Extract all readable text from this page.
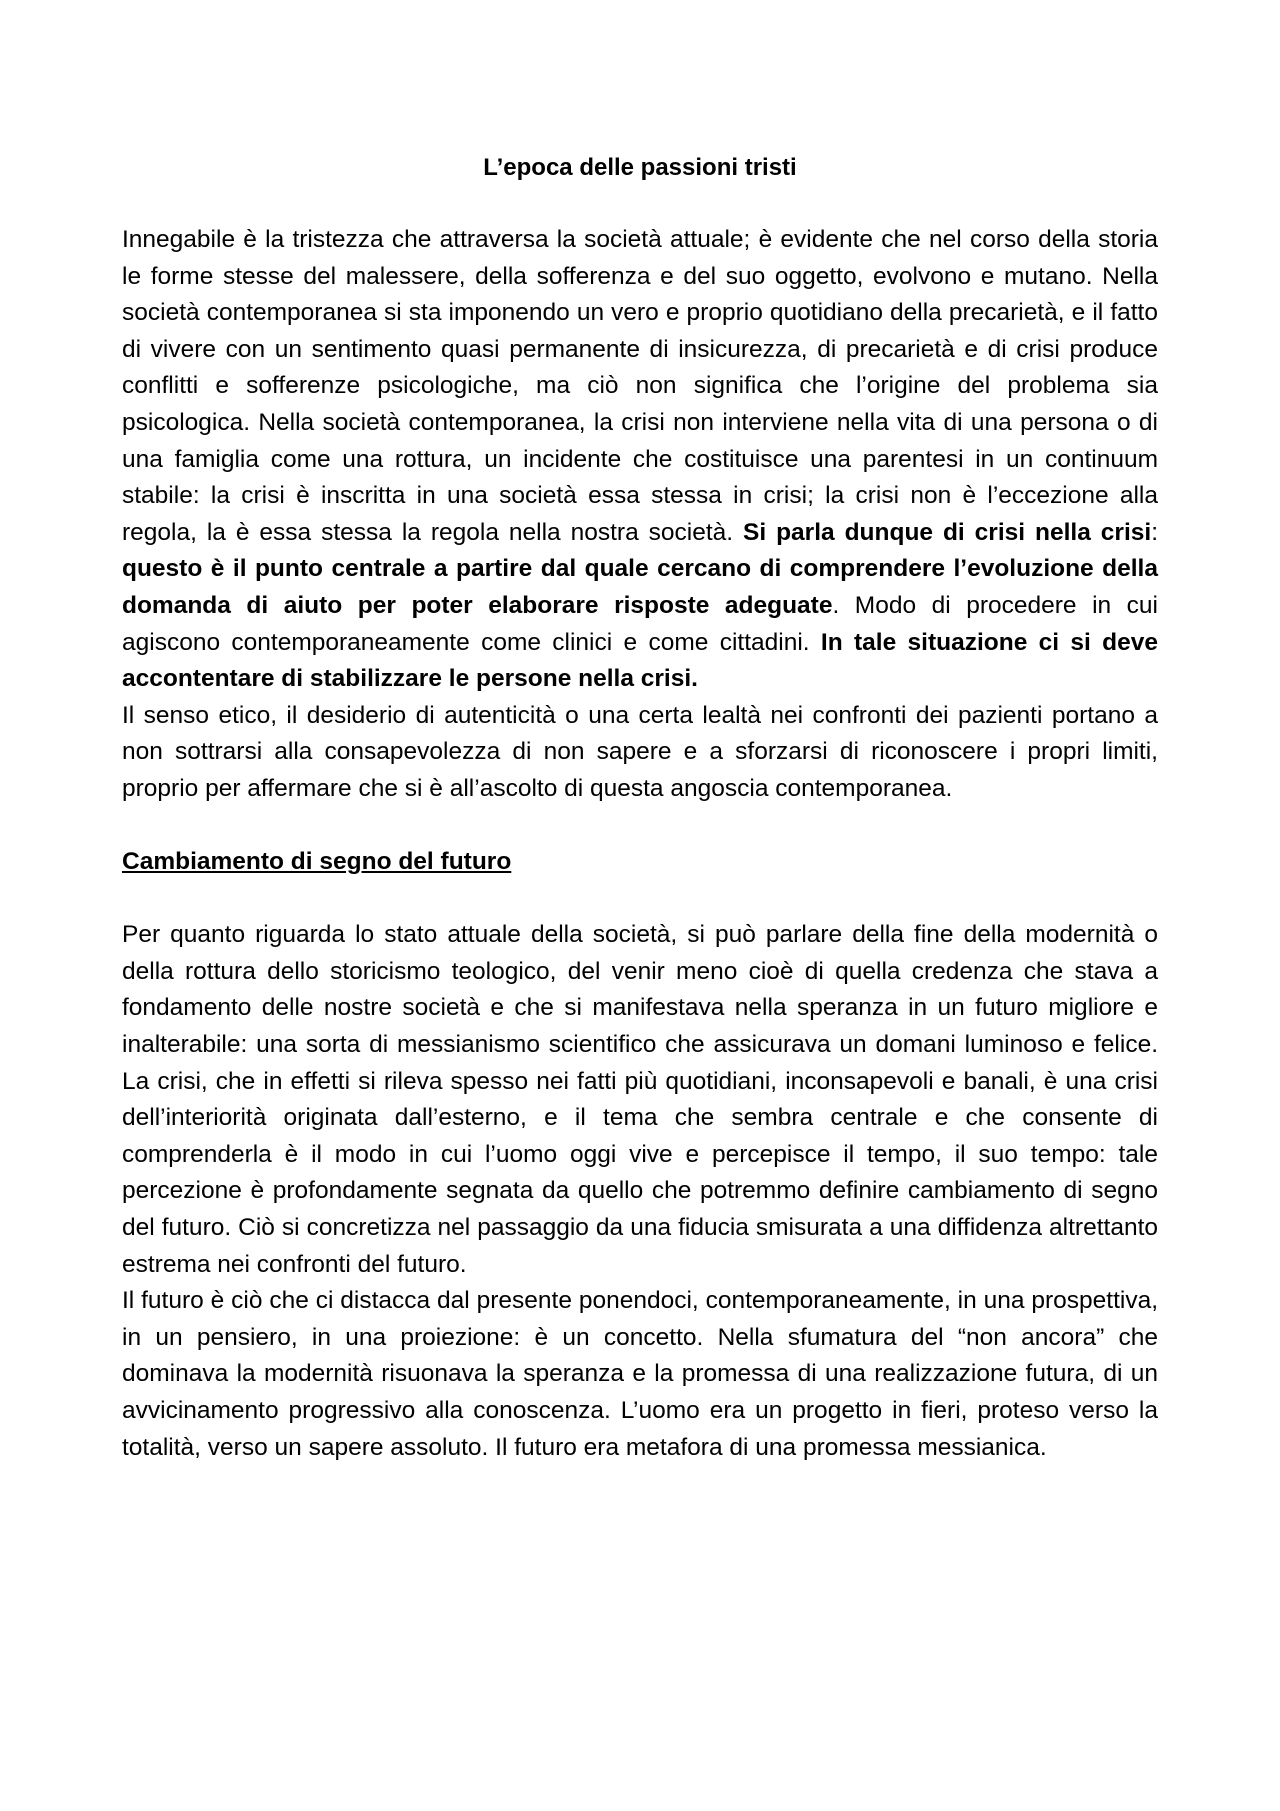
L’epoca delle passioni tristi

Innegabile è la tristezza che attraversa la società attuale; è evidente che nel corso della storia le forme stesse del malessere, della sofferenza e del suo oggetto, evolvono e mutano. Nella società contemporanea si sta imponendo un vero e proprio quotidiano della precarietà, e il fatto di vivere con un sentimento quasi permanente di insicurezza, di precarietà e di crisi produce conflitti e sofferenze psicologiche, ma ciò non significa che l’origine del problema sia psicologica. Nella società contemporanea, la crisi non interviene nella vita di una persona o di una famiglia come una rottura, un incidente che costituisce una parentesi in un continuum stabile: la crisi è inscritta in una società essa stessa in crisi; la crisi non è l’eccezione alla regola, la è essa stessa la regola nella nostra società. Si parla dunque di crisi nella crisi: questo è il punto centrale a partire dal quale cercano di comprendere l’evoluzione della domanda di aiuto per poter elaborare risposte adeguate. Modo di procedere in cui agiscono contemporaneamente come clinici e come cittadini. In tale situazione ci si deve accontentare di stabilizzare le persone nella crisi.

Il senso etico, il desiderio di autenticità o una certa lealtà nei confronti dei pazienti portano a non sottrarsi alla consapevolezza di non sapere e a sforzarsi di riconoscere i propri limiti, proprio per affermare che si è all’ascolto di questa angoscia contemporanea.

Cambiamento di segno del futuro

Per quanto riguarda lo stato attuale della società, si può parlare della fine della modernità o della rottura dello storicismo teologico, del venir meno cioè di quella credenza che stava a fondamento delle nostre società e che si manifestava nella speranza in un futuro migliore e inalterabile: una sorta di messianismo scientifico che assicurava un domani luminoso e felice. La crisi, che in effetti si rileva spesso nei fatti più quotidiani, inconsapevoli e banali, è una crisi dell’interiorità originata dall’esterno, e il tema che sembra centrale e che consente di comprenderla è il modo in cui l’uomo oggi vive e percepisce il tempo, il suo tempo: tale percezione è profondamente segnata da quello che potremmo definire cambiamento di segno del futuro. Ciò si concretizza nel passaggio da una fiducia smisurata a una diffidenza altrettanto estrema nei confronti del futuro.

Il futuro è ciò che ci distacca dal presente ponendoci, contemporaneamente, in una prospettiva, in un pensiero, in una proiezione: è un concetto. Nella sfumatura del “non ancora” che dominava la modernità risuonava la speranza e la promessa di una realizzazione futura, di un avvicinamento progressivo alla conoscenza. L’uomo era un progetto in fieri, proteso verso la totalità, verso un sapere assoluto. Il futuro era metafora di una promessa messianica.
